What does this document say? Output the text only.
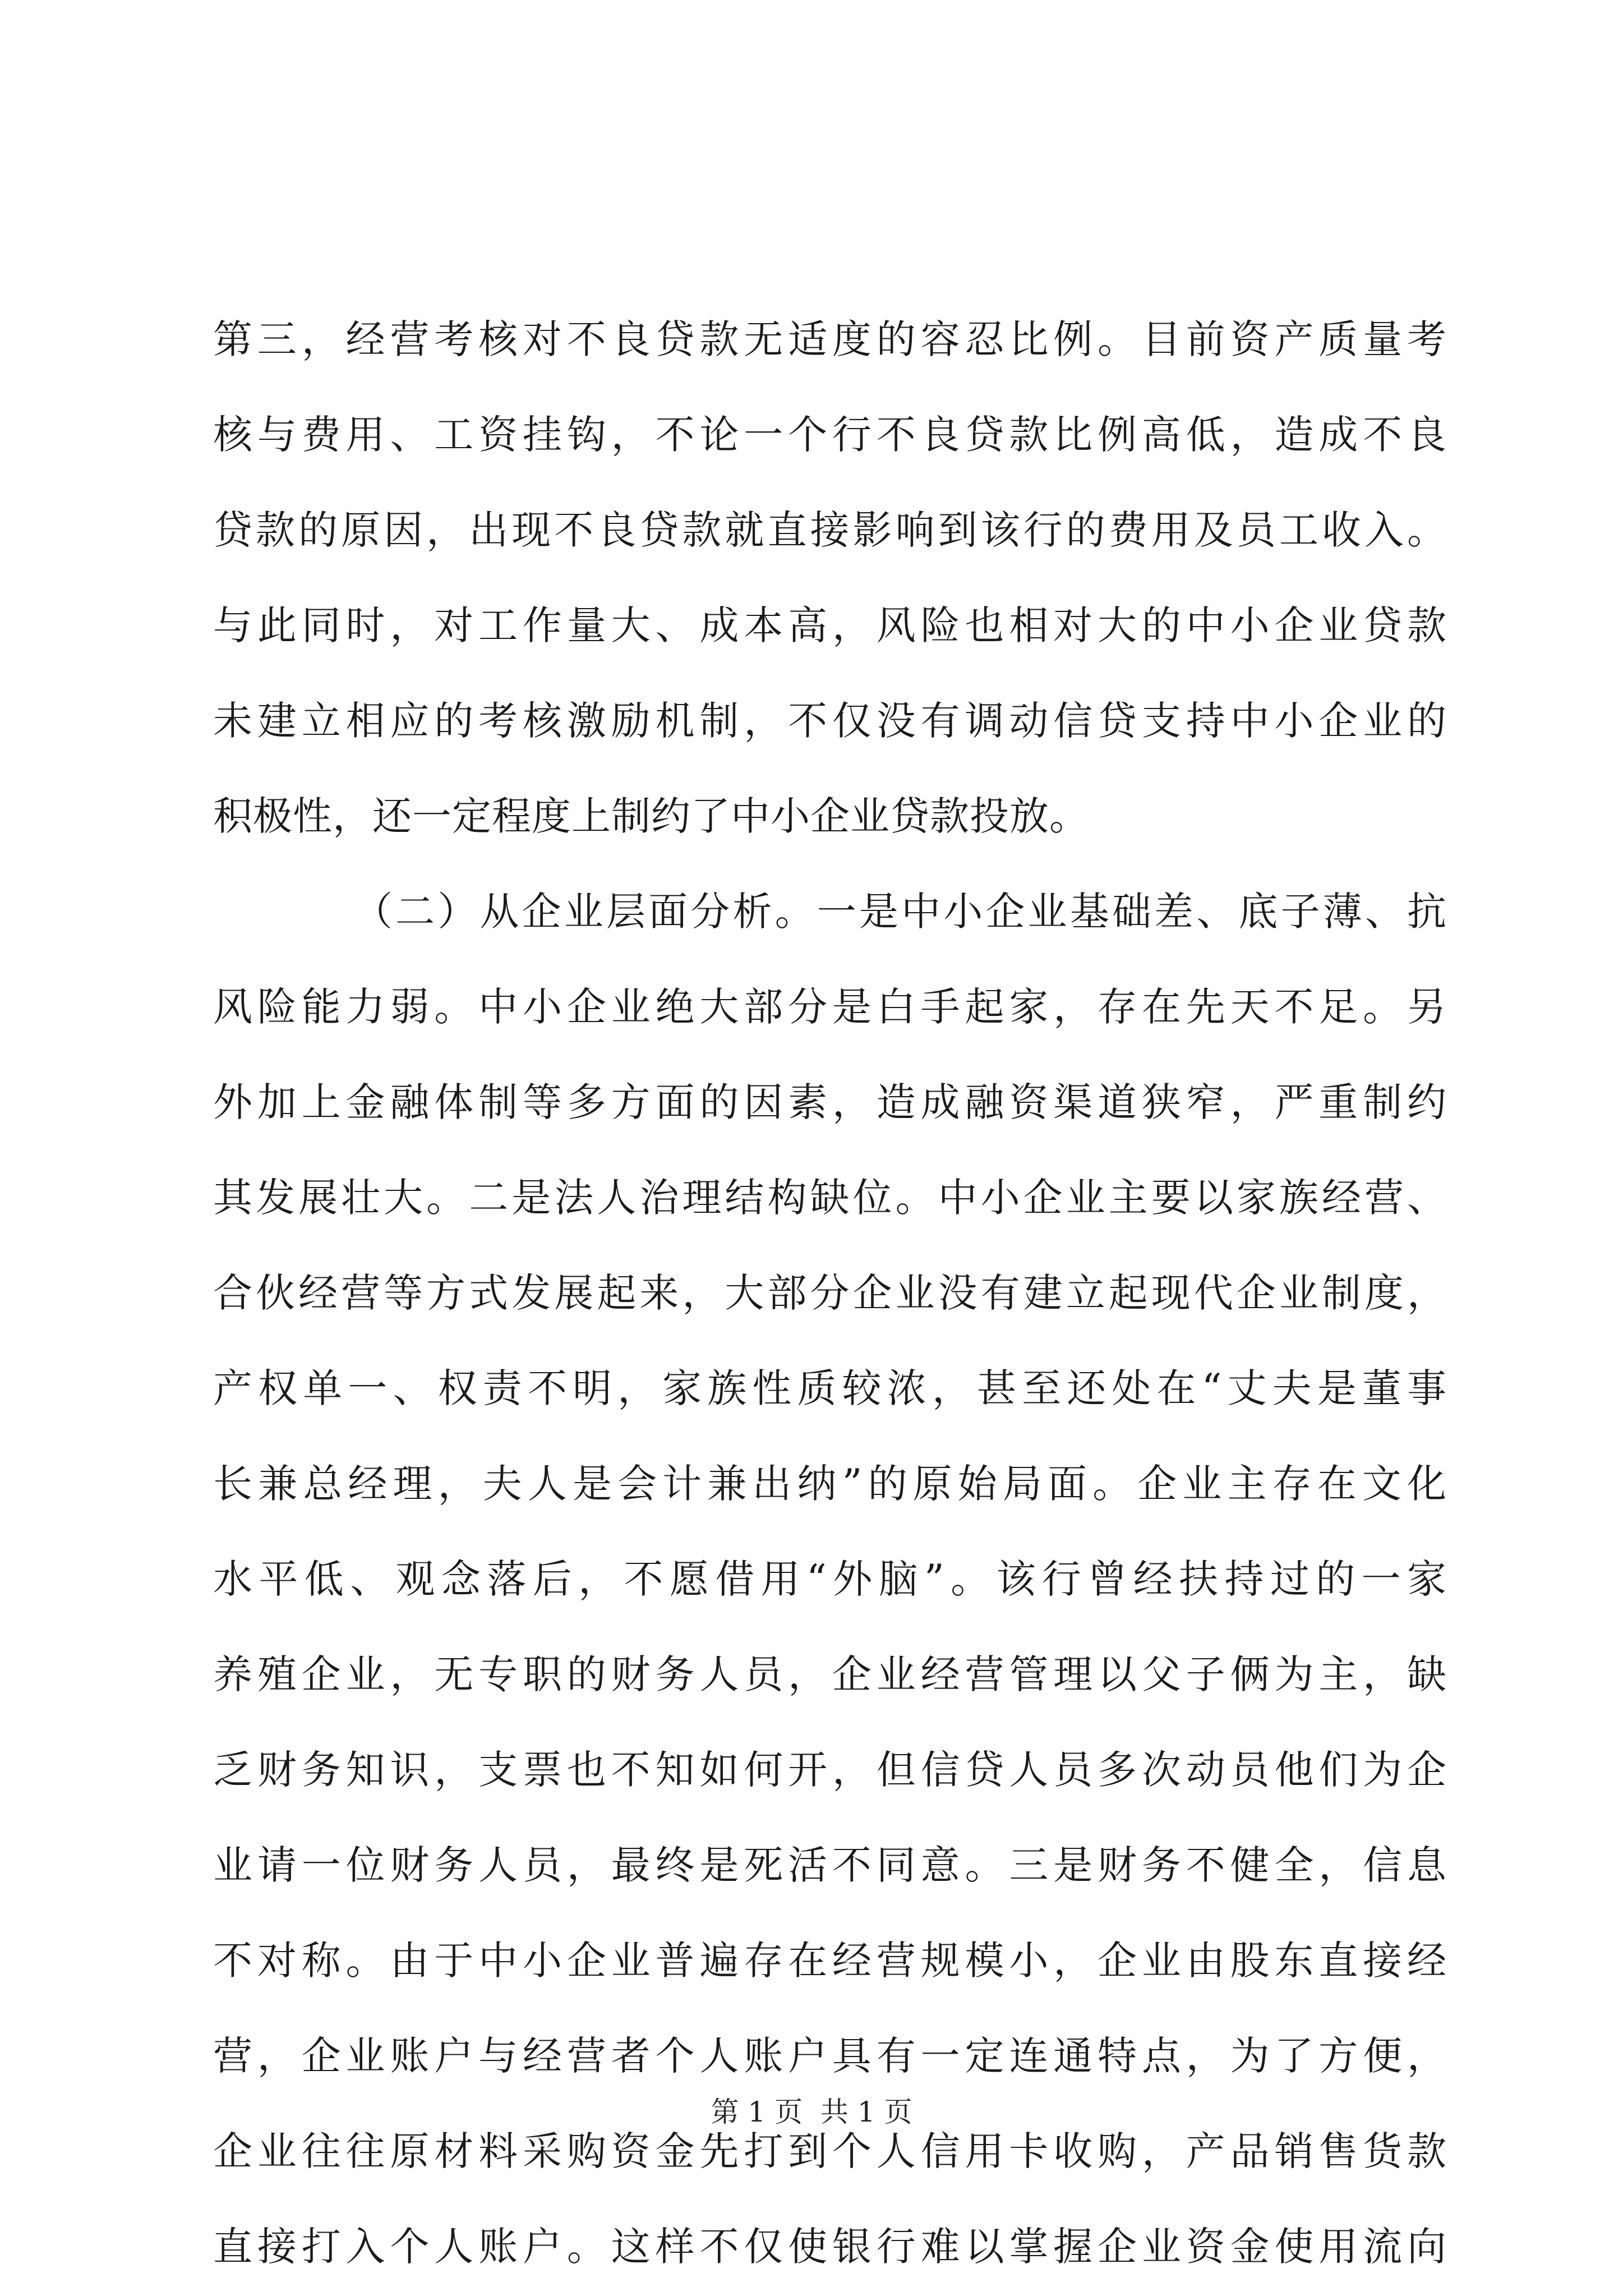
第三，经营考核对不良贷款无适度的容忍比例。目前资产质量考
核与费用、工资挂钩，不论一个行不良贷款比例高低，造成不良
贷款的原因，出现不良贷款就直接影响到该行的费用及员工收入。
与此同时，对工作量大、成本高，风险也相对大的中小企业贷款
未建立相应的考核激励机制，不仅没有调动信贷支持中小企业的
积极性，还一定程度上制约了中小企业贷款投放。
（二）从企业层面分析。一是中小企业基础差、底子薄、抗
风险能力弱。中小企业绝大部分是白手起家，存在先天不足。另
外加上金融体制等多方面的因素，造成融资渠道狭窄，严重制约
其发展壮大。二是法人治理结构缺位。中小企业主要以家族经营、
合伙经营等方式发展起来，大部分企业没有建立起现代企业制度，
产权单一、权责不明，家族性质较浓，甚至还处在“丈夫是董事
长兼总经理，夫人是会计兼出纳”的原始局面。企业主存在文化
水平低、观念落后，不愿借用“外脑”。该行曾经扶持过的一家
养殖企业，无专职的财务人员，企业经营管理以父子俩为主，缺
乏财务知识，支票也不知如何开，但信贷人员多次动员他们为企
业请一位财务人员，最终是死活不同意。三是财务不健全，信息
不对称。由于中小企业普遍存在经营规模小，企业由股东直接经
营，企业账户与经营者个人账户具有一定连通特点，为了方便，
企业往往原材料采购资金先打到个人信用卡收购，产品销售货款
直接打入个人账户。这样不仅使银行难以掌握企业资金使用流向
第 1 页  共 1 页
